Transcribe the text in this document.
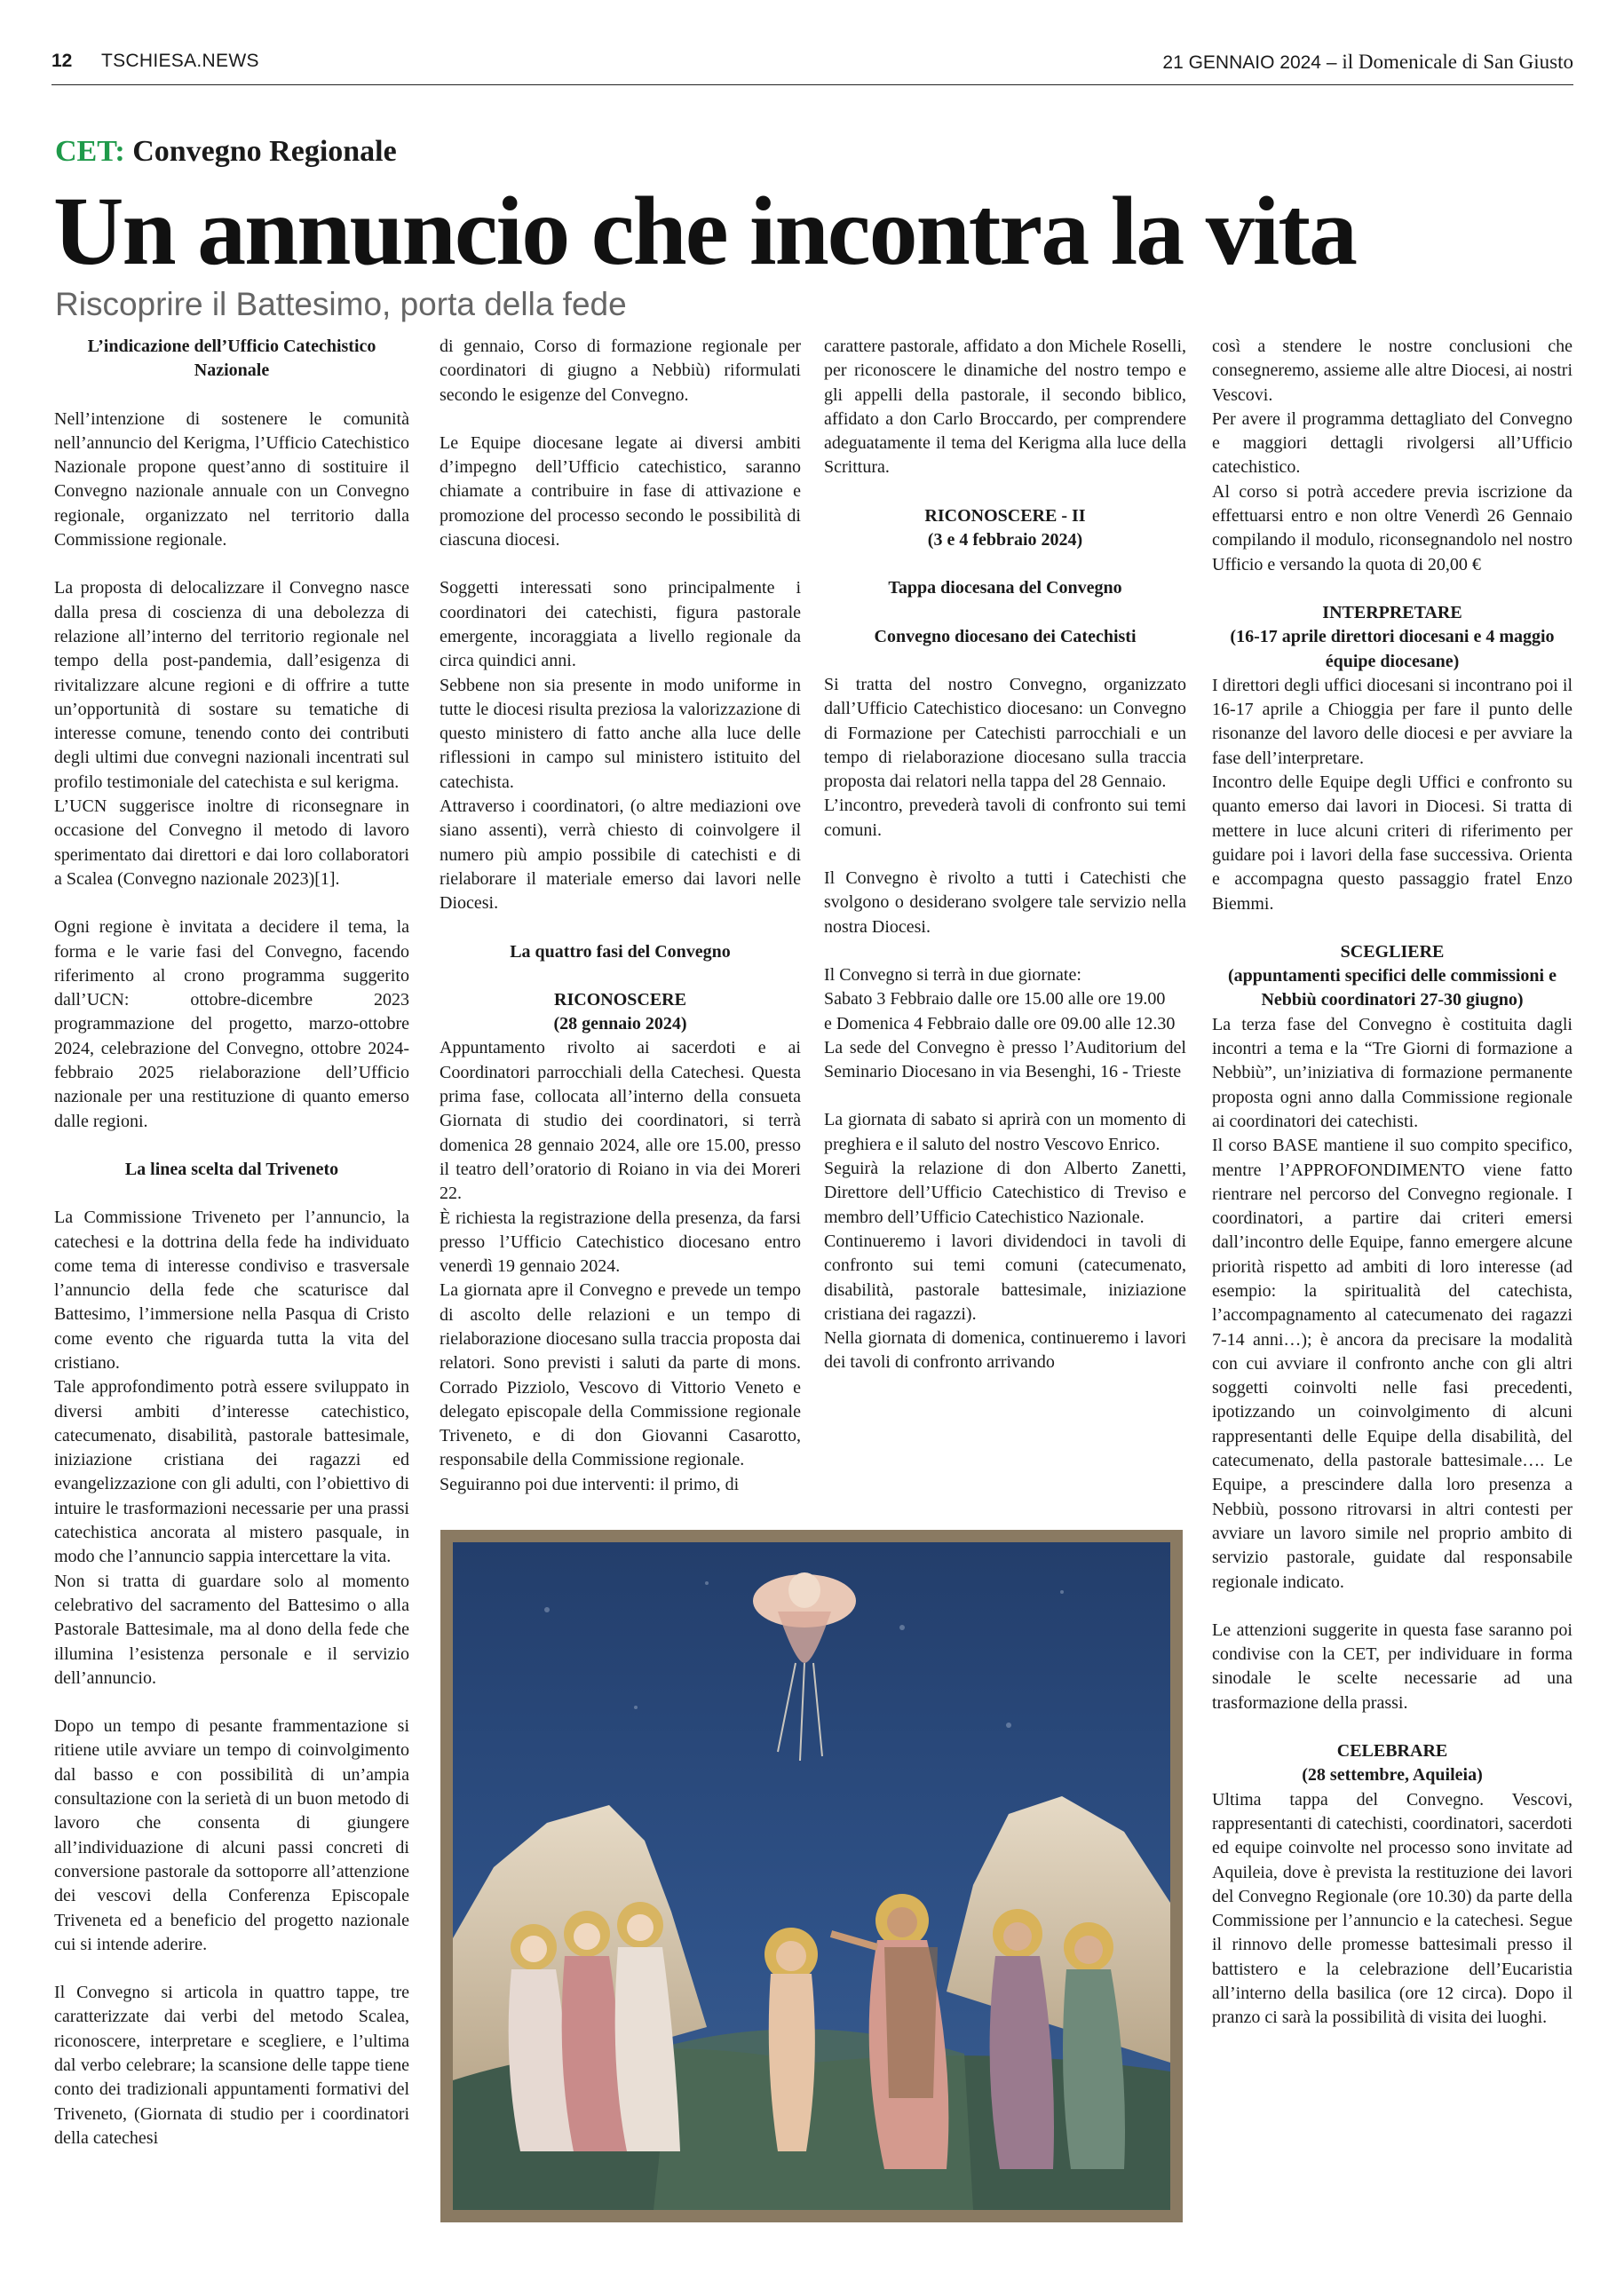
12 TSCHIESA.NEWS	21 GENNAIO 2024 – il Domenicale di San Giusto
CET: Convegno Regionale
Un annuncio che incontra la vita
Riscoprire il Battesimo, porta della fede

L’indicazione dell’Ufficio Catechistico Nazionale

Nell’intenzione di sostenere le comunità nell’annuncio del Kerigma, l’Ufficio Catechistico Nazionale propone quest’anno di sostituire il Convegno nazionale annuale con un Convegno regionale, organizzato nel territorio dalla Commissione regionale.

La proposta di delocalizzare il Convegno nasce dalla presa di coscienza di una debolezza di relazione all’interno del territorio regionale nel tempo della post-pandemia, dall’esigenza di rivitalizzare alcune regioni e di offrire a tutte un’opportunità di sostare su tematiche di interesse comune, tenendo conto dei contributi degli ultimi due convegni nazionali incentrati sul profilo testimoniale del catechista e sul kerigma.

L’UCN suggerisce inoltre di riconsegnare in occasione del Convegno il metodo di lavoro sperimentato dai direttori e dai loro collaboratori a Scalea (Convegno nazionale 2023)[1].

Ogni regione è invitata a decidere il tema, la forma e le varie fasi del Convegno, facendo riferimento al crono programma suggerito dall’UCN: ottobre-dicembre 2023 programmazione del progetto, marzo-ottobre 2024, celebrazione del Convegno, ottobre 2024-febbraio 2025 rielaborazione dell’Ufficio nazionale per una restituzione di quanto emerso dalle regioni.

La linea scelta dal Triveneto

La Commissione Triveneto per l’annuncio, la catechesi e la dottrina della fede ha individuato come tema di interesse condiviso e trasversale l’annuncio della fede che scaturisce dal Battesimo, l’immersione nella Pasqua di Cristo come evento che riguarda tutta la vita del cristiano.

Tale approfondimento potrà essere sviluppato in diversi ambiti d’interesse catechistico, catecumenato, disabilità, pastorale battesimale, iniziazione cristiana dei ragazzi ed evangelizzazione con gli adulti, con l’obiettivo di intuire le trasformazioni necessarie per una prassi catechistica ancorata al mistero pasquale, in modo che l’annuncio sappia intercettare la vita.

Non si tratta di guardare solo al momento celebrativo del sacramento del Battesimo o alla Pastorale Battesimale, ma al dono della fede che illumina l’esistenza personale e il servizio dell’annuncio.

Dopo un tempo di pesante frammentazione si ritiene utile avviare un tempo di coinvolgimento dal basso e con possibilità di un’ampia consultazione con la serietà di un buon metodo di lavoro che consenta di giungere all’individuazione di alcuni passi concreti di conversione pastorale da sottoporre all’attenzione dei vescovi della Conferenza Episcopale Triveneta ed a beneficio del progetto nazionale cui si intende aderire.

Il Convegno si articola in quattro tappe, tre caratterizzate dai verbi del metodo Scalea, riconoscere, interpretare e scegliere, e l’ultima dal verbo celebrare; la scansione delle tappe tiene conto dei tradizionali appuntamenti formativi del Triveneto, (Giornata di studio per i coordinatori della catechesi

di gennaio, Corso di formazione regionale per coordinatori di giugno a Nebbiù) riformulati secondo le esigenze del Convegno.

Le Equipe diocesane legate ai diversi ambiti d’impegno dell’Ufficio catechistico, saranno chiamate a contribuire in fase di attivazione e promozione del processo secondo le possibilità di ciascuna diocesi.

Soggetti interessati sono principalmente i coordinatori dei catechisti, figura pastorale emergente, incoraggiata a livello regionale da circa quindici anni.

Sebbene non sia presente in modo uniforme in tutte le diocesi risulta preziosa la valorizzazione di questo ministero di fatto anche alla luce delle riflessioni in campo sul ministero istituito del catechista.

Attraverso i coordinatori, (o altre mediazioni ove siano assenti), verrà chiesto di coinvolgere il numero più ampio possibile di catechisti e di rielaborare il materiale emerso dai lavori nelle Diocesi.

La quattro fasi del Convegno

RICONOSCERE

(28 gennaio 2024)

Appuntamento rivolto ai sacerdoti e ai Coordinatori parrocchiali della Catechesi. Questa prima fase, collocata all’interno della consueta Giornata di studio dei coordinatori, si terrà domenica 28 gennaio 2024, alle ore 15.00, presso il teatro dell’oratorio di Roiano in via dei Moreri 22.

È richiesta la registrazione della presenza, da farsi presso l’Ufficio Catechistico diocesano entro venerdì 19 gennaio 2024.

La giornata apre il Convegno e prevede un tempo di ascolto delle relazioni e un tempo di rielaborazione diocesano sulla traccia proposta dai relatori. Sono previsti i saluti da parte di mons. Corrado Pizziolo, Vescovo di Vittorio Veneto e delegato episcopale della Commissione regionale Triveneto, e di don Giovanni Casarotto, responsabile della Commissione regionale.

Seguiranno poi due interventi: il primo, di

carattere pastorale, affidato a don Michele Roselli, per riconoscere le dinamiche del nostro tempo e gli appelli della pastorale, il secondo biblico, affidato a don Carlo Broccardo, per comprendere adeguatamente il tema del Kerigma alla luce della Scrittura.

RICONOSCERE - II

(3 e 4 febbraio 2024)

Tappa diocesana del Convegno

Convegno diocesano dei Catechisti

Si tratta del nostro Convegno, organizzato dall’Ufficio Catechistico diocesano: un Convegno di Formazione per Catechisti parrocchiali e un tempo di rielaborazione diocesano sulla traccia proposta dai relatori nella tappa del 28 Gennaio.

L’incontro, prevederà tavoli di confronto sui temi comuni.

Il Convegno è rivolto a tutti i Catechisti che svolgono o desiderano svolgere tale servizio nella nostra Diocesi.

Il Convegno si terrà in due giornate:

Sabato 3 Febbraio dalle ore 15.00 alle ore 19.00

e Domenica 4 Febbraio dalle ore 09.00 alle 12.30

La sede del Convegno è presso l’Auditorium del Seminario Diocesano in via Besenghi, 16 - Trieste

La giornata di sabato si aprirà con un momento di preghiera e il saluto del nostro Vescovo Enrico.

Seguirà la relazione di don Alberto Zanetti, Direttore dell’Ufficio Catechistico di Treviso e membro dell’Ufficio Catechistico Nazionale.

Continueremo i lavori dividendoci in tavoli di confronto sui temi comuni (catecumenato, disabilità, pastorale battesimale, iniziazione cristiana dei ragazzi).

Nella giornata di domenica, continueremo i lavori dei tavoli di confronto arrivando

così a stendere le nostre conclusioni che consegneremo, assieme alle altre Diocesi, ai nostri Vescovi.

Per avere il programma dettagliato del Convegno e maggiori dettagli rivolgersi all’Ufficio catechistico.

Al corso si potrà accedere previa iscrizione da effettuarsi entro e non oltre Venerdì 26 Gennaio compilando il modulo, riconsegnandolo nel nostro Ufficio e versando la quota di 20,00 €

INTERPRETARE

(16-17 aprile direttori diocesani e 4 maggio équipe diocesane)

I direttori degli uffici diocesani si incontrano poi il 16-17 aprile a Chioggia per fare il punto delle risonanze del lavoro delle diocesi e per avviare la fase dell’interpretare.

Incontro delle Equipe degli Uffici e confronto su quanto emerso dai lavori in Diocesi. Si tratta di mettere in luce alcuni criteri di riferimento per guidare poi i lavori della fase successiva. Orienta e accompagna questo passaggio fratel Enzo Biemmi.

SCEGLIERE

(appuntamenti specifici delle commissioni e Nebbiù coordinatori 27-30 giugno)

La terza fase del Convegno è costituita dagli incontri a tema e la “Tre Giorni di formazione a Nebbiù”, un’iniziativa di formazione permanente proposta ogni anno dalla Commissione regionale ai coordinatori dei catechisti.

Il corso BASE mantiene il suo compito specifico, mentre l’APPROFONDIMENTO viene fatto rientrare nel percorso del Convegno regionale. I coordinatori, a partire dai criteri emersi dall’incontro delle Equipe, fanno emergere alcune priorità rispetto ad ambiti di loro interesse (ad esempio: la spiritualità del catechista, l’accompagnamento al catecumenato dei ragazzi 7-14 anni…); è ancora da precisare la modalità con cui avviare il confronto anche con gli altri soggetti coinvolti nelle fasi precedenti, ipotizzando un coinvolgimento di alcuni rappresentanti delle Equipe della disabilità, del catecumenato, della pastorale battesimale…. Le Equipe, a prescindere dalla loro presenza a Nebbiù, possono ritrovarsi in altri contesti per avviare un lavoro simile nel proprio ambito di servizio pastorale, guidate dal responsabile regionale indicato.

Le attenzioni suggerite in questa fase saranno poi condivise con la CET, per individuare in forma sinodale le scelte necessarie ad una trasformazione della prassi.

CELEBRARE

(28 settembre, Aquileia)

Ultima tappa del Convegno. Vescovi, rappresentanti di catechisti, coordinatori, sacerdoti ed equipe coinvolte nel processo sono invitate ad Aquileia, dove è prevista la restituzione dei lavori del Convegno Regionale (ore 10.30) da parte della Commissione per l’annuncio e la catechesi. Segue il rinnovo delle promesse battesimali presso il battistero e la celebrazione dell’Eucaristia all’interno della basilica (ore 12 circa). Dopo il pranzo ci sarà la possibilità di visita dei luoghi.
